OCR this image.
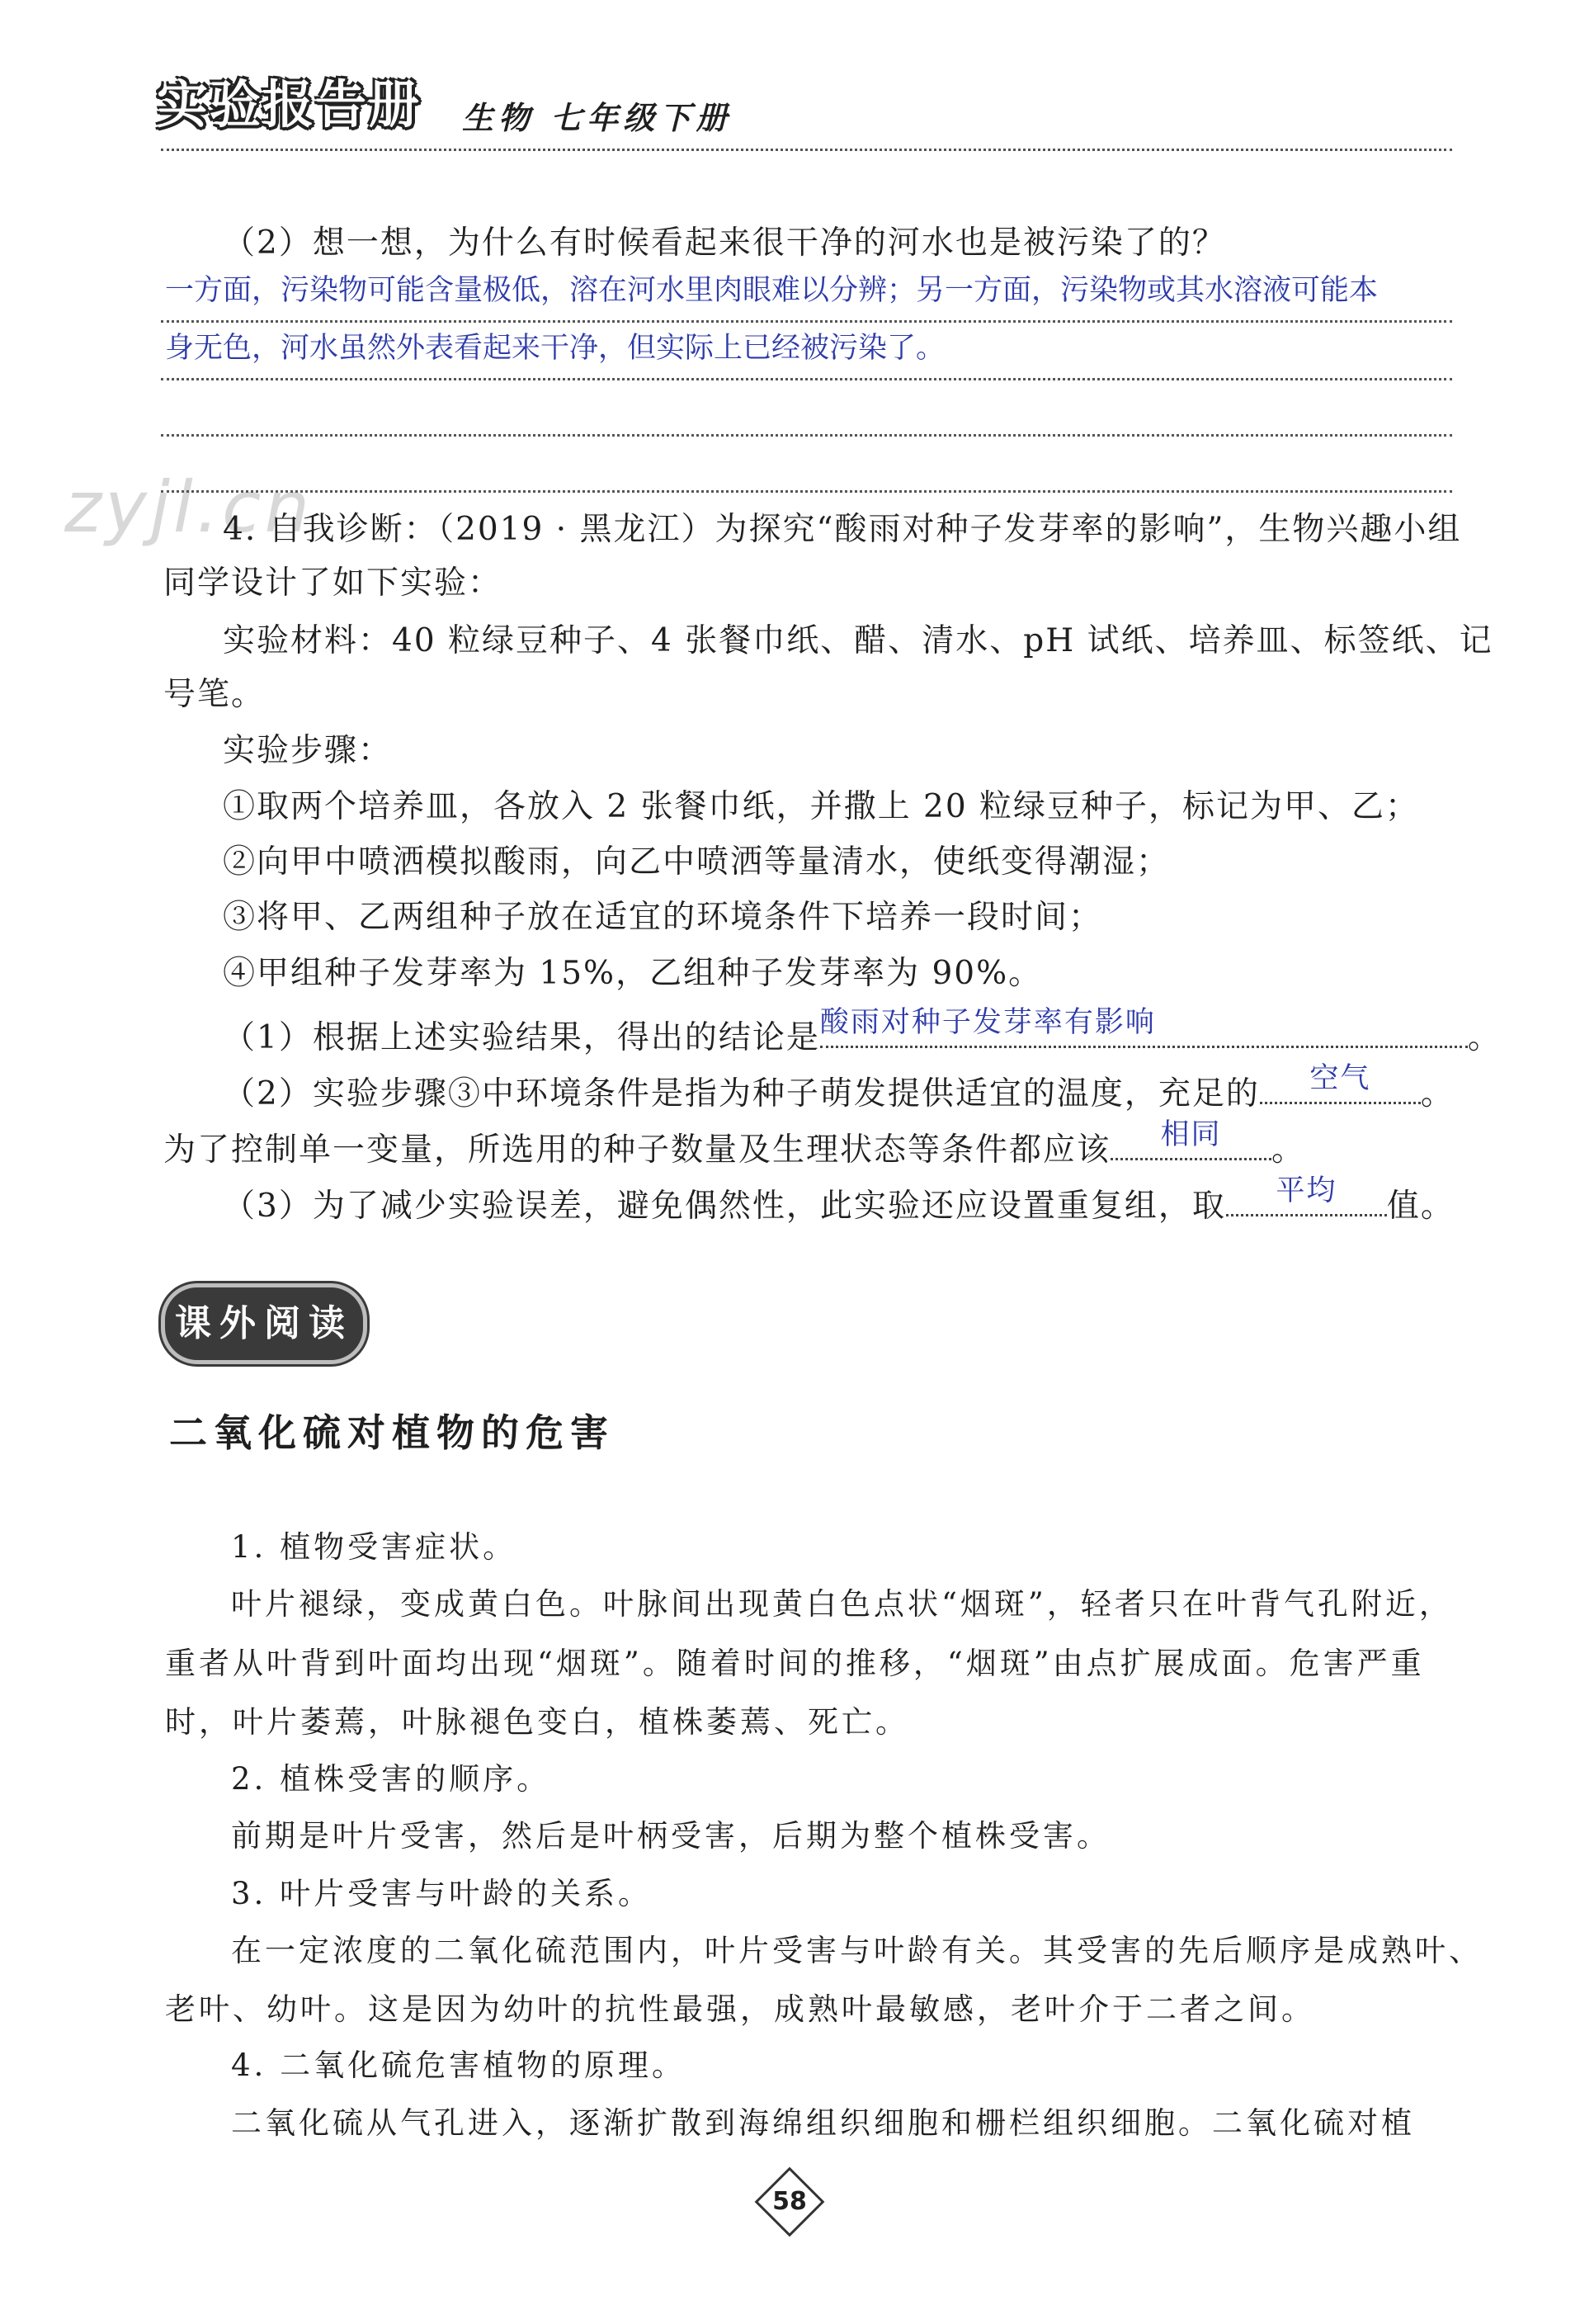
实验报告册	生物 七年级下册
zyjl.cn
（2）想一想，为什么有时候看起来很干净的河水也是被污染了的？
一方面，污染物可能含量极低，溶在河水里肉眼难以分辨；另一方面，污染物或其水溶液可能本
身无色，河水虽然外表看起来干净，但实际上已经被污染了。
4. 自我诊断：（2019 · 黑龙江）为探究“酸雨对种子发芽率的影响”，生物兴趣小组
同学设计了如下实验：
实验材料：40 粒绿豆种子、4 张餐巾纸、醋、清水、pH 试纸、培养皿、标签纸、记
号笔。
实验步骤：
①取两个培养皿，各放入 2 张餐巾纸，并撒上 20 粒绿豆种子，标记为甲、乙；
②向甲中喷洒模拟酸雨，向乙中喷洒等量清水，使纸变得潮湿；
③将甲、乙两组种子放在适宜的环境条件下培养一段时间；
④甲组种子发芽率为 15%，乙组种子发芽率为 90%。
（1）根据上述实验结果，得出的结论是 酸雨对种子发芽率有影响	。
（2）实验步骤③中环境条件是指为种子萌发提供适宜的温度，充足的	空气	。
为了控制单一变量，所选用的种子数量及生理状态等条件都应该	相同	。
（3）为了减少实验误差，避免偶然性，此实验还应设置重复组，取	平均	值。
课外阅读
二氧化硫对植物的危害
1. 植物受害症状。
叶片褪绿，变成黄白色。叶脉间出现黄白色点状“烟斑”，轻者只在叶背气孔附近，
重者从叶背到叶面均出现“烟斑”。随着时间的推移，“烟斑”由点扩展成面。危害严重
时，叶片萎蔫，叶脉褪色变白，植株萎蔫、死亡。
2. 植株受害的顺序。
前期是叶片受害，然后是叶柄受害，后期为整个植株受害。
3. 叶片受害与叶龄的关系。
在一定浓度的二氧化硫范围内，叶片受害与叶龄有关。其受害的先后顺序是成熟叶、
老叶、幼叶。这是因为幼叶的抗性最强，成熟叶最敏感，老叶介于二者之间。
4. 二氧化硫危害植物的原理。
二氧化硫从气孔进入，逐渐扩散到海绵组织细胞和栅栏组织细胞。二氧化硫对植
58
